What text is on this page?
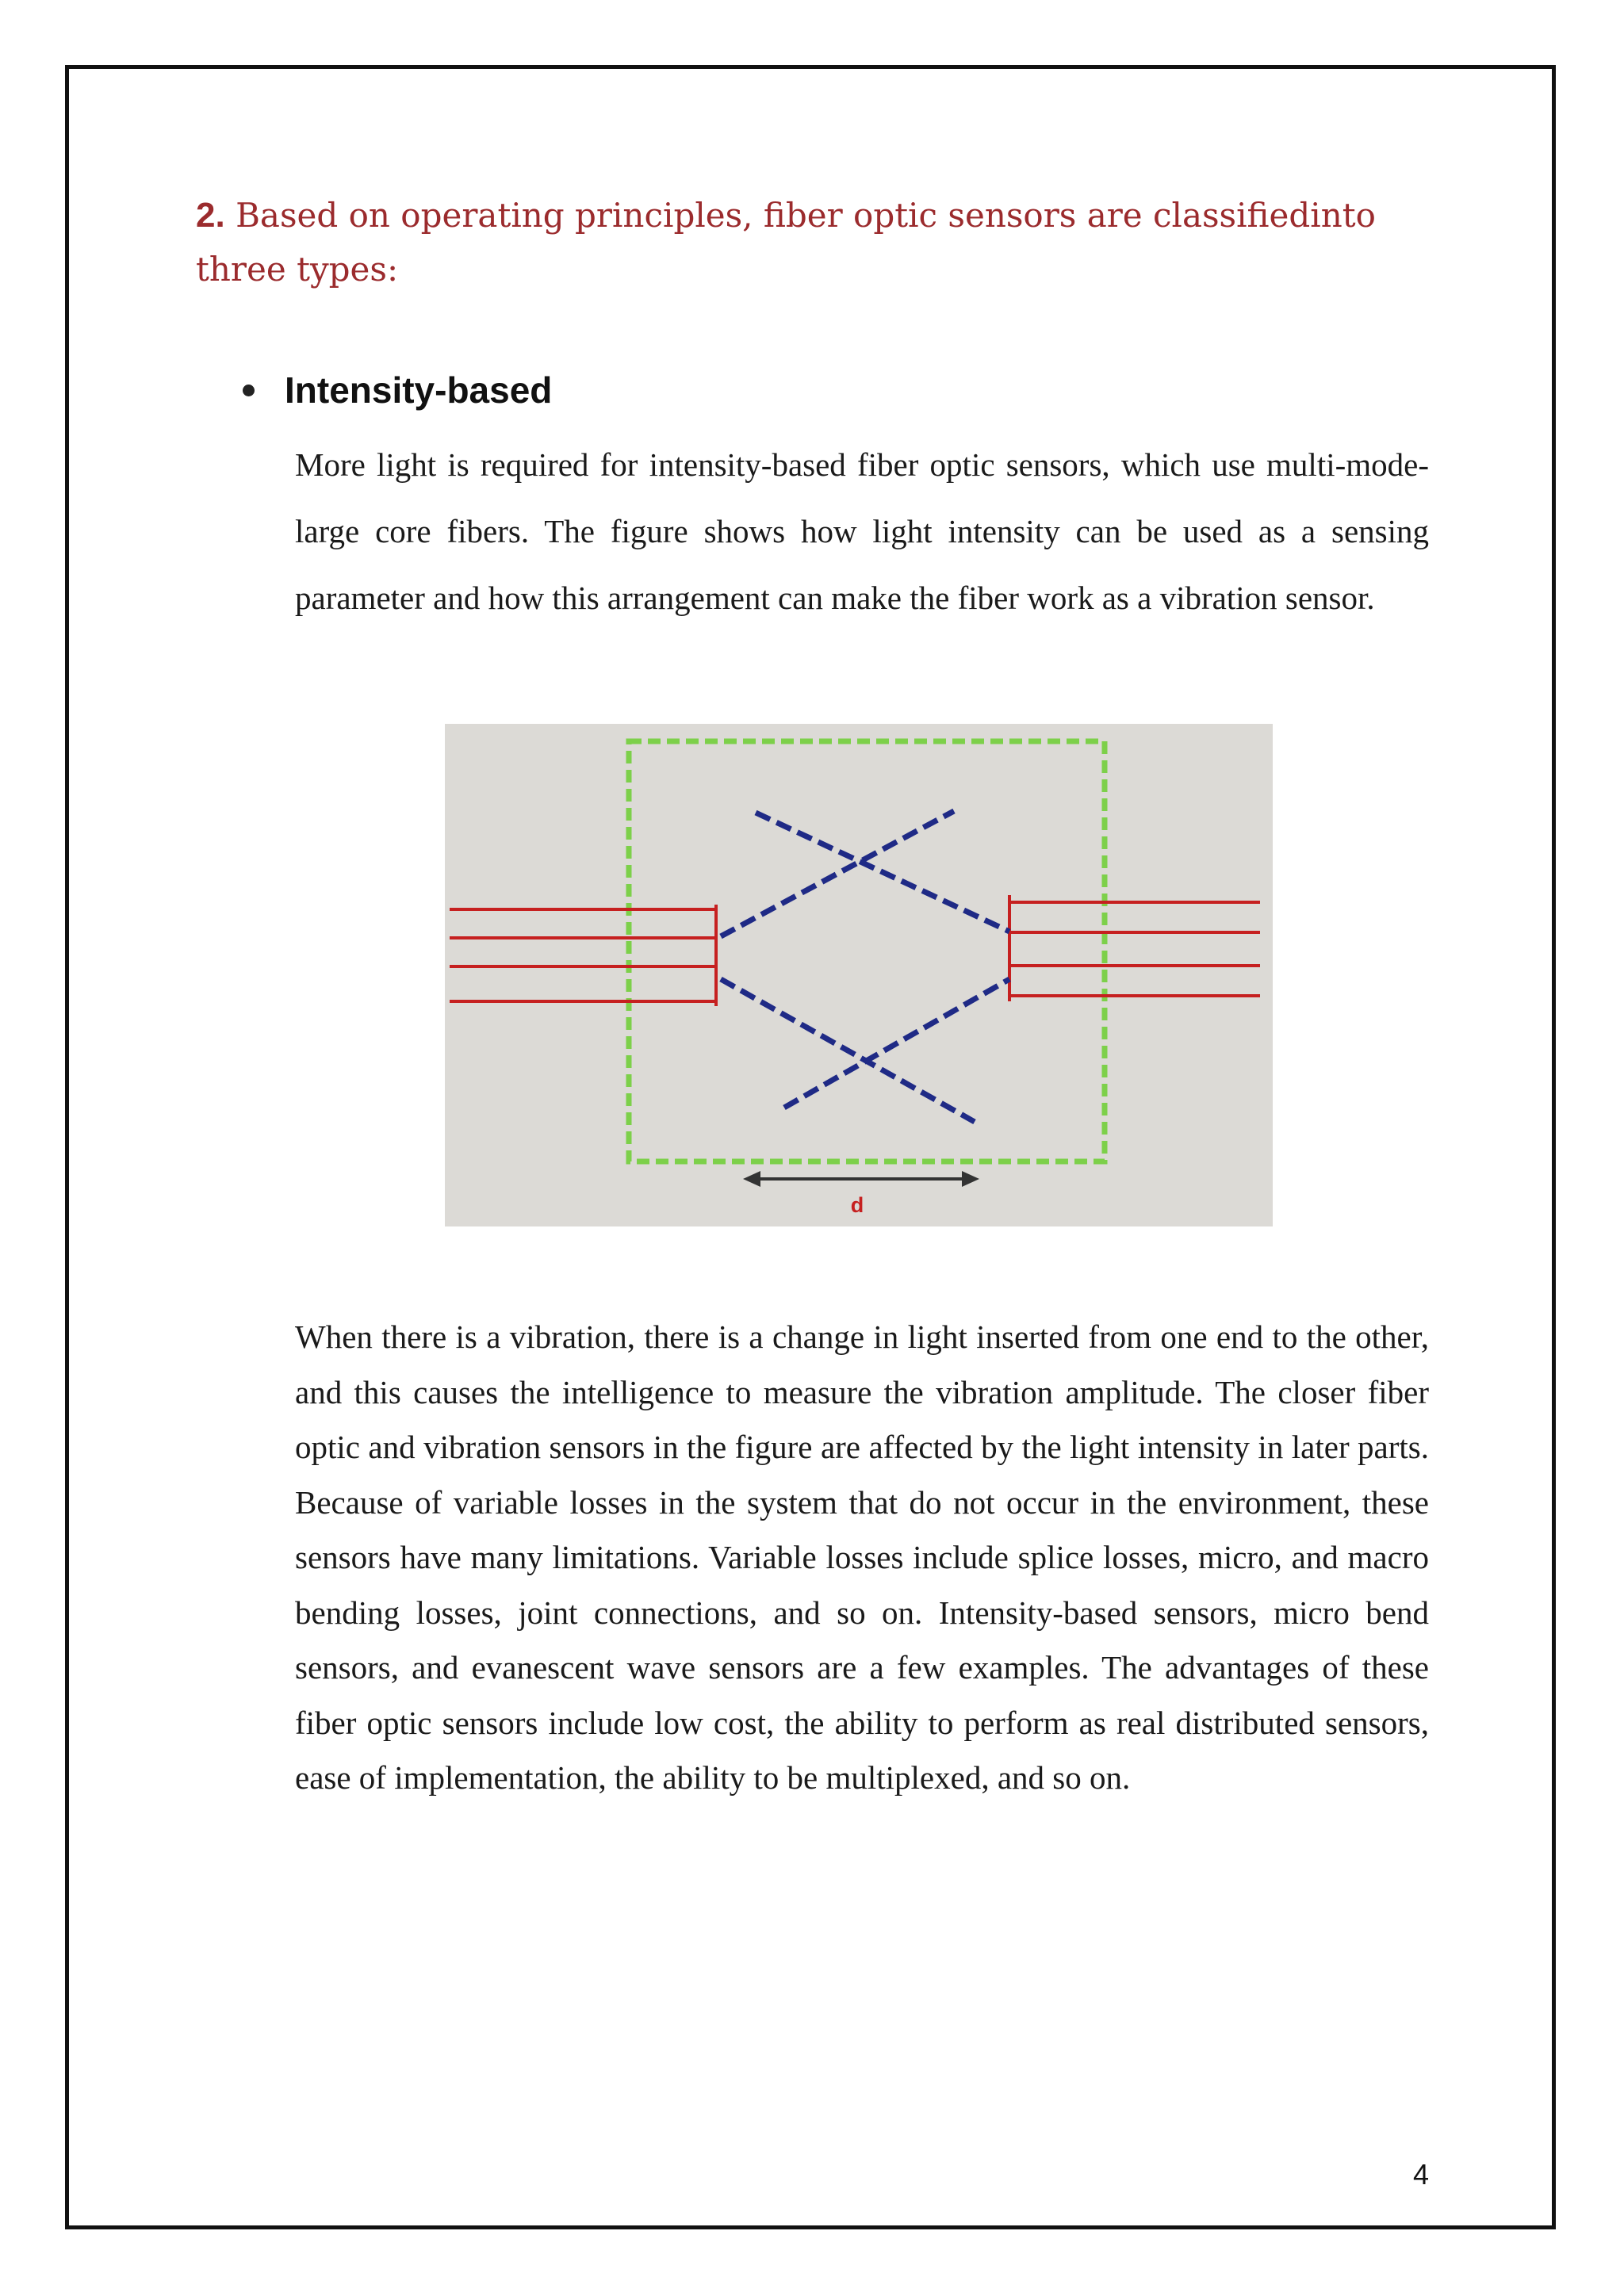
2. Based on operating principles, fiber optic sensors are classifiedinto three types:
Intensity-based

More light is required for intensity-based fiber optic sensors, which use multi-mode-large core fibers. The figure shows how light intensity can be used as a sensing parameter and how this arrangement can make the fiber work as a vibration sensor.

d

When there is a vibration, there is a change in light inserted from one end to the other, and this causes the intelligence to measure the vibration amplitude. The closer fiber optic and vibration sensors in the figure are affected by the light intensity in later parts. Because of variable losses in the system that do not occur in the environment, these sensors have many limitations. Variable losses include splice losses, micro, and macro bending losses, joint connections, and so on. Intensity-based sensors, micro bend sensors, and evanescent wave sensors are a few examples. The advantages of these fiber optic sensors include low cost, the ability to perform as real distributed sensors, ease of implementation, the ability to be multiplexed, and so on.

4
